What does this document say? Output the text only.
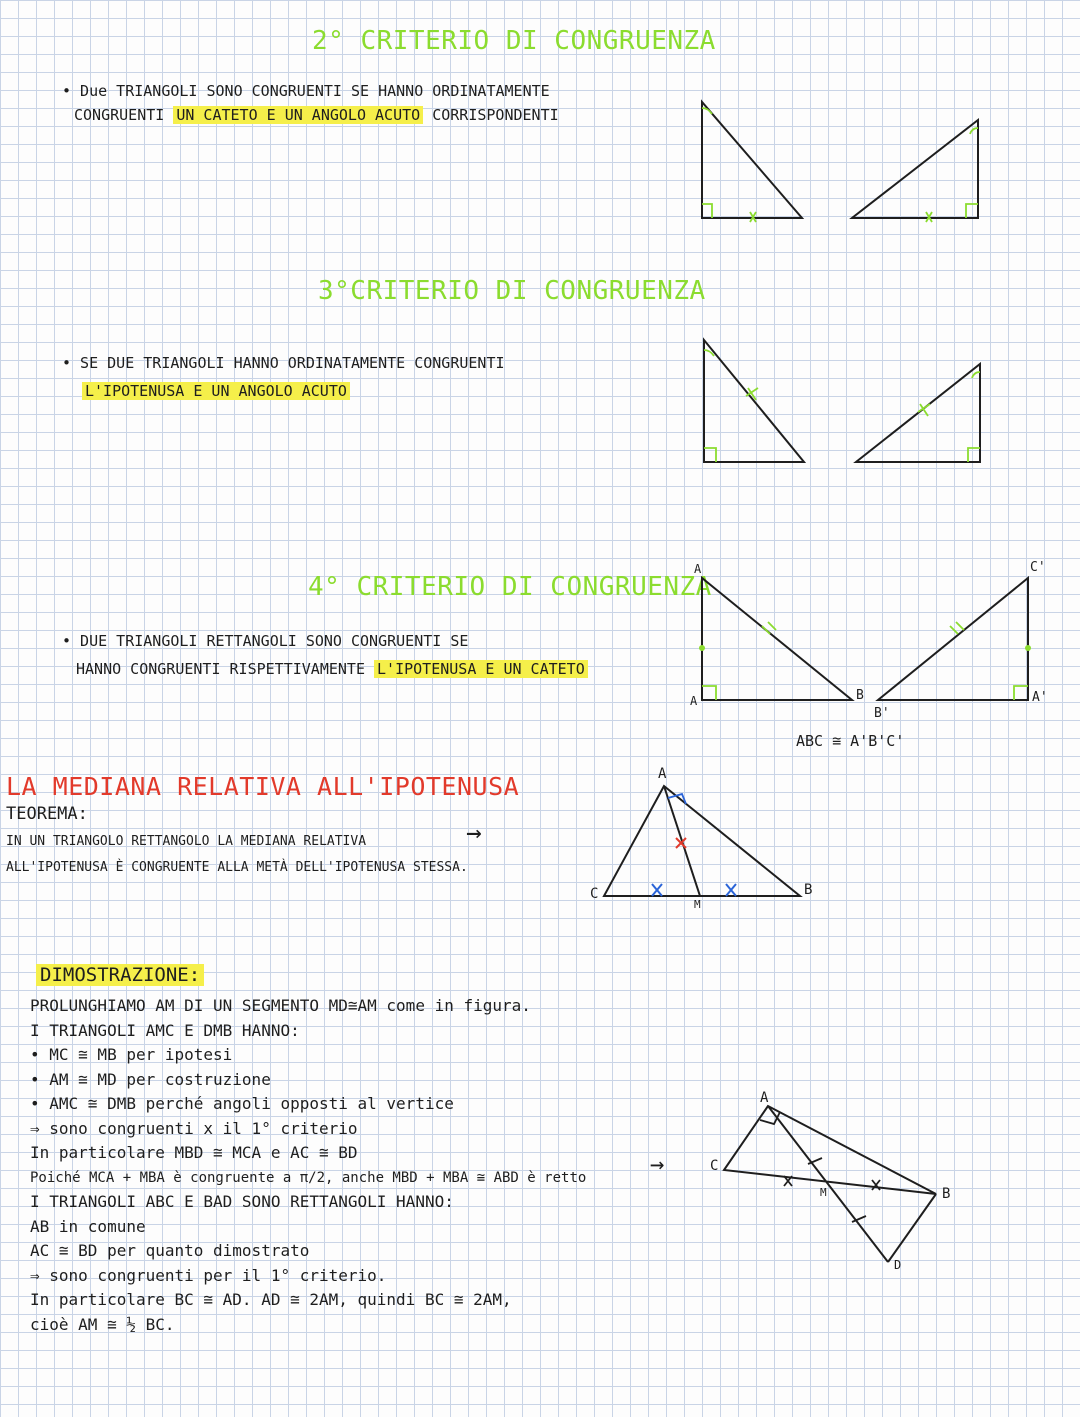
2° CRITERIO DI CONGRUENZA
• Due TRIANGOLI SONO CONGRUENTI SE HANNO ORDINATAMENTE
CONGRUENTI UN CATETO E UN ANGOLO ACUTO CORRISPONDENTI
3°CRITERIO DI CONGRUENZA
• SE DUE TRIANGOLI HANNO ORDINATAMENTE CONGRUENTI
L'IPOTENUSA E UN ANGOLO ACUTO
4° CRITERIO DI CONGRUENZA
• DUE TRIANGOLI RETTANGOLI SONO CONGRUENTI SE
HANNO CONGRUENTI RISPETTIVAMENTE L'IPOTENUSA E UN CATETO
ABC ≅ A'B'C'
LA MEDIANA RELATIVA ALL'IPOTENUSA
TEOREMA:
IN UN TRIANGOLO RETTANGOLO LA MEDIANA RELATIVA
ALL'IPOTENUSA È CONGRUENTE ALLA METÀ DELL'IPOTENUSA STESSA.
→
DIMOSTRAZIONE:
PROLUNGHIAMO AM DI UN SEGMENTO MD≅AM come in figura.
I TRIANGOLI AMC E DMB HANNO:
• MC ≅ MB per ipotesi
• AM ≅ MD per costruzione
• AMC ≅ DMB perché angoli opposti al vertice
⇒ sono congruenti x il 1° criterio
In particolare MBD ≅ MCA e AC ≅ BD
Poiché MCA + MBA è congruente a π/2, anche MBD + MBA ≅ ABD è retto
I TRIANGOLI ABC E BAD SONO RETTANGOLI HANNO:
AB in comune
AC ≅ BD per quanto dimostrato
⇒ sono congruenti per il 1° criterio.
In particolare BC ≅ AD. AD ≅ 2AM, quindi BC ≅ 2AM,
cioè AM ≅ ½ BC.
→
A
A	B
B'
C'
A'
A
C
M
B
A
C
M	B
D
